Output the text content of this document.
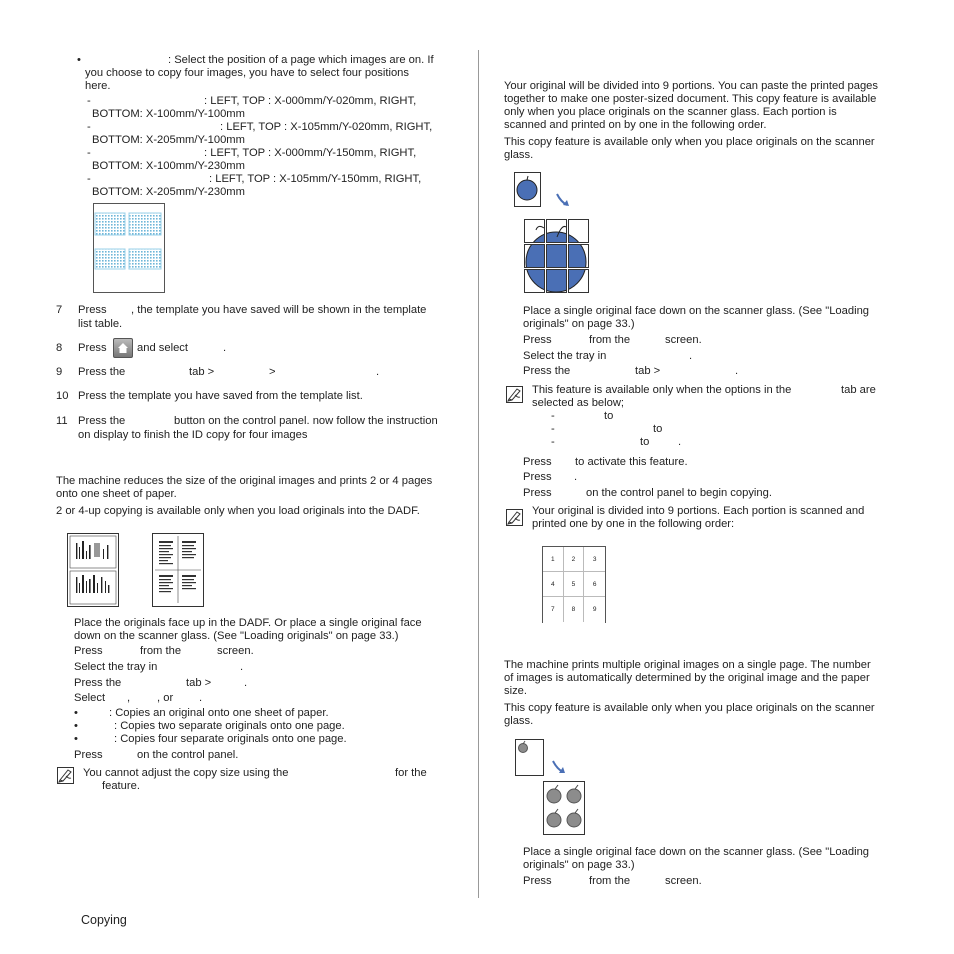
•	: Select the position of a page which images are on. If
you choose to copy four images, you have to select four positions
here.
-	: LEFT, TOP : X-000mm/Y-020mm, RIGHT,
BOTTOM: X-100mm/Y-100mm
-	: LEFT, TOP : X-105mm/Y-020mm, RIGHT,
BOTTOM: X-205mm/Y-100mm
-	: LEFT, TOP : X-000mm/Y-150mm, RIGHT,
BOTTOM: X-100mm/Y-230mm
-	: LEFT, TOP : X-105mm/Y-150mm, RIGHT,
BOTTOM: X-205mm/Y-230mm
7 Press , the template you have saved will be shown in the template
list table.
8 Press	and select	.
9 Press the	tab >	>	.
10 Press the template you have saved from the template list.
11 Press the	button on the control panel. now follow the instruction
on display to finish the ID copy for four images
The machine reduces the size of the original images and prints 2 or 4 pages
onto one sheet of paper.
2 or 4-up copying is available only when you load originals into the DADF.
Place the originals face up in the DADF. Or place a single original face
down on the scanner glass. (See "Loading originals" on page 33.)
Press	from the	screen.
Select the tray in	.
Press the	tab >	.
Select , , or .
•	: Copies an original onto one sheet of paper.
•	: Copies two separate originals onto one page.
•	: Copies four separate originals onto one page.
Press	on the control panel.
You cannot adjust the copy size using the	for the
feature.
Your original will be divided into 9 portions. You can paste the printed pages
together to make one poster-sized document. This copy feature is available
only when you place originals on the scanner glass. Each portion is
scanned and printed on by one in the following order.
This copy feature is available only when you place originals on the scanner
glass.
Place a single original face down on the scanner glass. (See "Loading
originals" on page 33.)
Press	from the	screen.
Select the tray in	.
Press the	tab >	.
This feature is available only when the options in the	tab are
selected as below;
-	to
-	to
-	to	.
Press to activate this feature.
Press .
Press	on the control panel to begin copying.
Your original is divided into 9 portions. Each portion is scanned and
printed one by one in the following order:
1	2	3
4	5	6
7	8	9
The machine prints multiple original images on a single page. The number
of images is automatically determined by the original image and the paper
size.
This copy feature is available only when you place originals on the scanner
glass.
Place a single original face down on the scanner glass. (See "Loading
originals" on page 33.)
Press	from the	screen.
Copying
